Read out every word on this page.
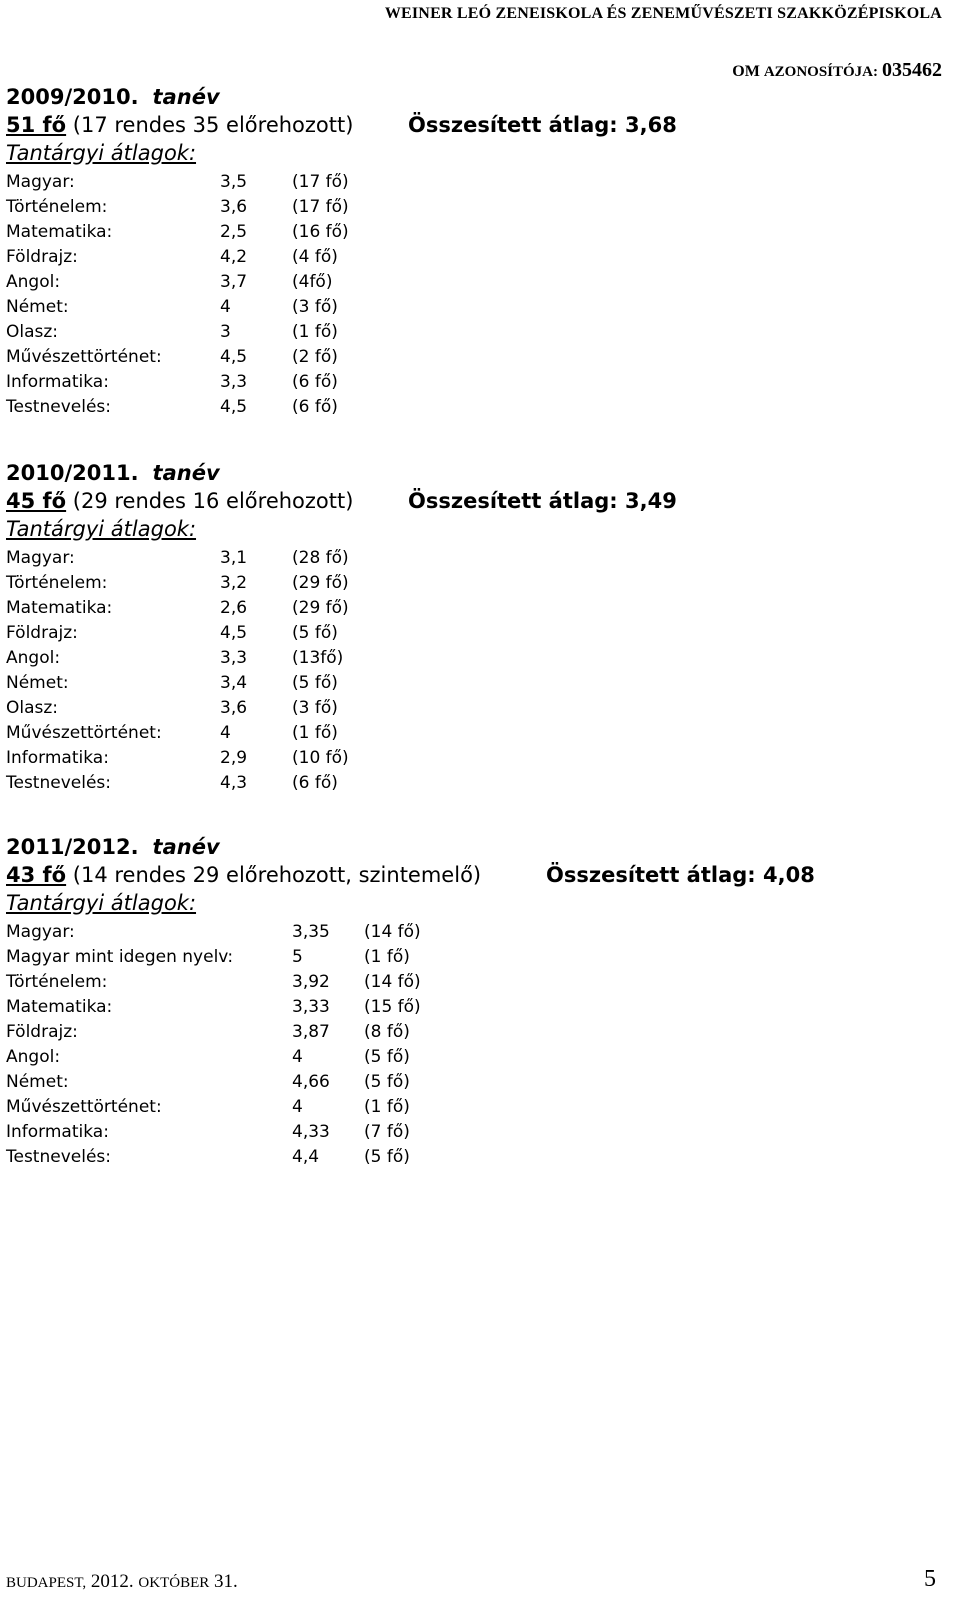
WEINER LEÓ ZENEISKOLA ÉS ZENEMŰVÉSZETI SZAKKÖZÉPISKOLA
OM AZONOSÍTÓJA: 035462
2009/2010. tanév
51 fő (17 rendes 35 előrehozott)	Összesített átlag: 3,68
Tantárgyi átlagok:
Magyar:	3,5	(17 fő)
Történelem:	3,6	(17 fő)
Matematika:	2,5	(16 fő)
Földrajz:	4,2	(4 fő)
Angol:	3,7	(4fő)
Német:	4	(3 fő)
Olasz:	3	(1 fő)
Művészettörténet:	4,5	(2 fő)
Informatika:	3,3	(6 fő)
Testnevelés:	4,5	(6 fő)
2010/2011. tanév
45 fő (29 rendes 16 előrehozott)	Összesített átlag: 3,49
Tantárgyi átlagok:
Magyar:	3,1	(28 fő)
Történelem:	3,2	(29 fő)
Matematika:	2,6	(29 fő)
Földrajz:	4,5	(5 fő)
Angol:	3,3	(13fő)
Német:	3,4	(5 fő)
Olasz:	3,6	(3 fő)
Művészettörténet:	4	(1 fő)
Informatika:	2,9	(10 fő)
Testnevelés:	4,3	(6 fő)
2011/2012. tanév
43 fő (14 rendes 29 előrehozott, szintemelő)	Összesített átlag: 4,08
Tantárgyi átlagok:
Magyar:	3,35 (14 fő)
Magyar mint idegen nyelv:	5	(1 fő)
Történelem:	3,92 (14 fő)
Matematika:	3,33 (15 fő)
Földrajz:	3,87 (8 fő)
Angol:	4	(5 fő)
Német:	4,66 (5 fő)
Művészettörténet:	4	(1 fő)
Informatika:	4,33 (7 fő)
Testnevelés:	4,4	(5 fő)
BUDAPEST, 2012. OKTÓBER 31.	5
